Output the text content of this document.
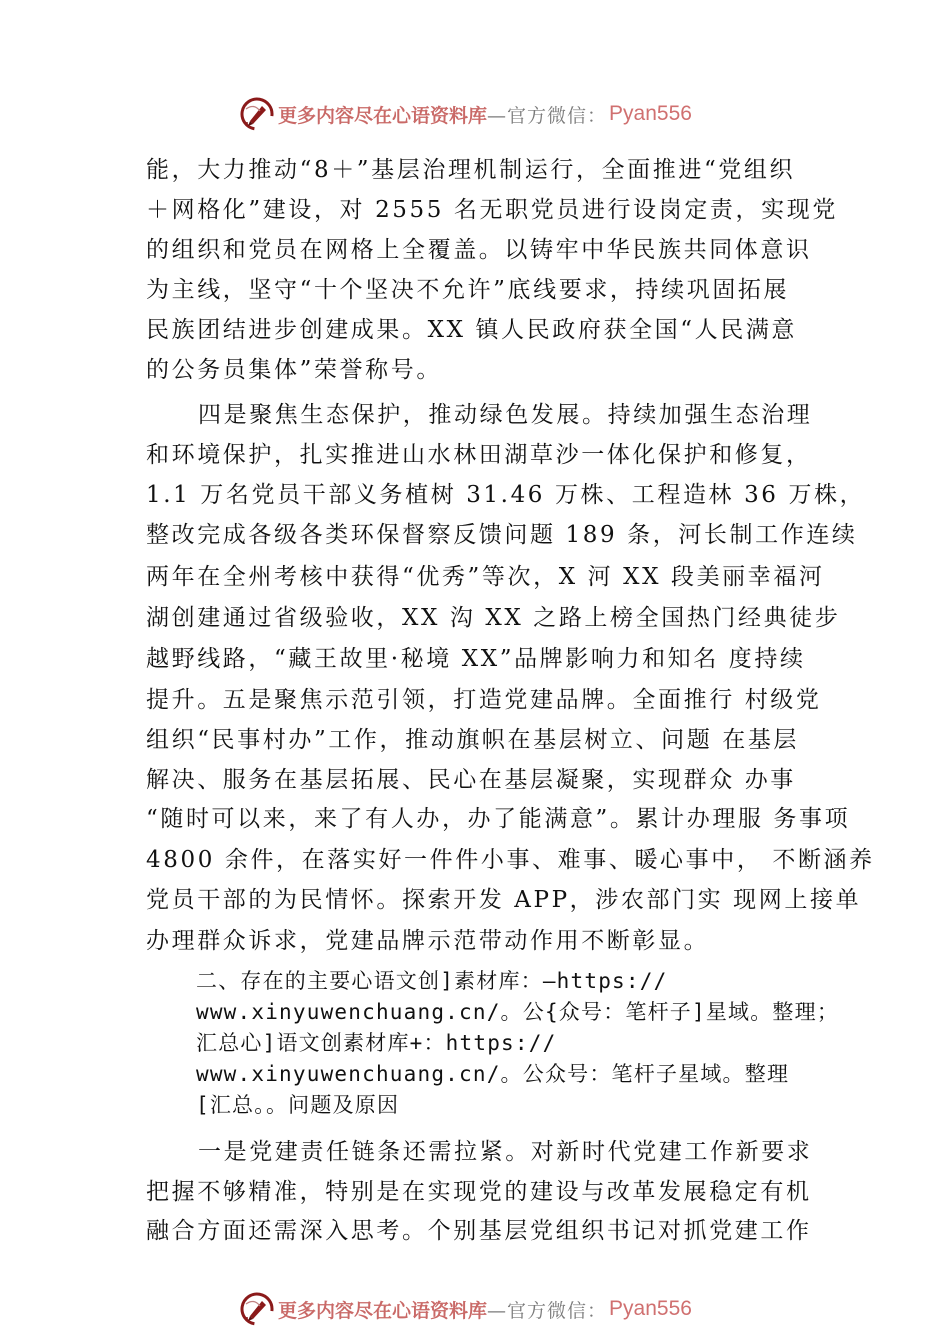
更多内容尽在心语资料库 —官方微信： Pyan556
能，大力推动“8＋”基层治理机制运行，全面推进“党组织
＋网格化”建设，对 2555 名无职党员进行设岗定责，实现党
的组织和党员在网格上全覆盖。以铸牢中华民族共同体意识
为主线，坚守“十个坚决不允许”底线要求，持续巩固拓展
民族团结进步创建成果。XX 镇人民政府获全国“人民满意
的公务员集体”荣誉称号。
四是聚焦生态保护，推动绿色发展。持续加强生态治理
和环境保护，扎实推进山水林田湖草沙一体化保护和修复，
1.1 万名党员干部义务植树 31.46 万株、工程造林 36 万株，
整改完成各级各类环保督察反馈问题 189 条，河长制工作连续
两年在全州考核中获得“优秀”等次，X 河 XX 段美丽幸福河
湖创建通过省级验收，XX 沟 XX 之路上榜全国热门经典徒步
越野线路，“藏王故里·秘境 XX”品牌影响力和知名 度持续
提升。五是聚焦示范引领，打造党建品牌。全面推行 村级党
组织“民事村办”工作，推动旗帜在基层树立、问题 在基层
解决、服务在基层拓展、民心在基层凝聚，实现群众 办事
“随时可以来，来了有人办，办了能满意”。累计办理服 务事项
4800 余件，在落实好一件件小事、难事、暖心事中， 不断涵养
党员干部的为民情怀。探索开发 APP，涉农部门实 现网上接单
办理群众诉求，党建品牌示范带动作用不断彰显。
二、存在的主要心语文创]素材库：—https://
www.xinyuwenchuang.cn/。公{众号：笔杆子]星域。整理；
汇总心]语文创素材库+：https://
www.xinyuwenchuang.cn/。公众号：笔杆子星域。整理
[汇总。。问题及原因
一是党建责任链条还需拉紧。对新时代党建工作新要求
把握不够精准，特别是在实现党的建设与改革发展稳定有机
融合方面还需深入思考。个别基层党组织书记对抓党建工作
更多内容尽在心语资料库 —官方微信： Pyan556
